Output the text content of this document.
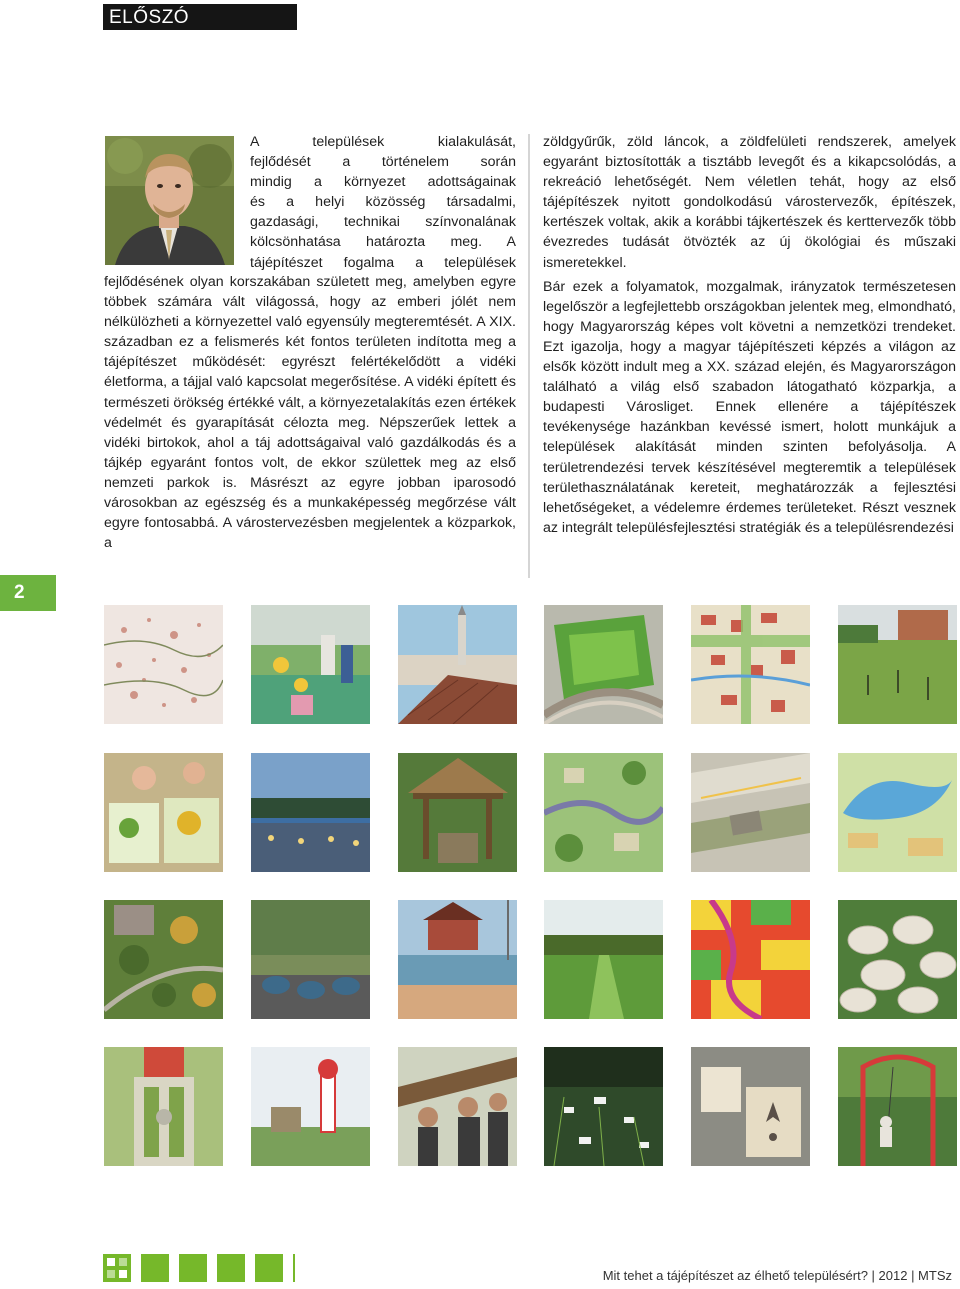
ELŐSZÓ
2
A települések kialakulását,
fejlődését a történelem során
mindig a környezet adottságainak
és a helyi közösség társadalmi,
gazdasági, technikai színvonalának
kölcsönhatása határozta meg. A
tájépítészet fogalma a települések
fejlődésének olyan korszakában született meg, amelyben egyre többek számára vált világossá, hogy az emberi jólét nem nélkülözheti a környezettel való egyensúly megteremtését. A XIX. században ez a felismerés két fontos területen indította meg a tájépítészet működését: egyrészt felértékelődött a vidéki életforma, a tájjal való kapcsolat megerősítése. A vidéki épített és természeti örökség értékké vált, a környezetalakítás ezen értékek védelmét és gyarapítását célozta meg. Népszerűek lettek a vidéki birtokok, ahol a táj adottságaival való gazdálkodás és a tájkép egyaránt fontos volt, de ekkor születtek meg az első nemzeti parkok is. Másrészt az egyre jobban iparosodó városokban az egészség és a munkaképesség megőrzése vált egyre fontosabbá. A várostervezésben megjelentek a közparkok, a

zöldgyűrűk, zöld láncok, a zöldfelületi rendszerek, amelyek egyaránt biztosították a tisztább levegőt és a kikapcsolódás, a rekreáció lehetőségét. Nem véletlen tehát, hogy az első tájépítészek nyitott gondolkodású várostervezők, építészek, kertészek voltak, akik a korábbi tájkertészek és kerttervezők több évezredes tudását ötvözték az új ökológiai és műszaki ismeretekkel.

Bár ezek a folyamatok, mozgalmak, irányzatok természetesen legelőször a legfejlettebb országokban jelentek meg, elmondható, hogy Magyarország képes volt követni a nemzetközi trendeket. Ezt igazolja, hogy a magyar tájépítészeti képzés a világon az elsők között indult meg a XX. század elején, és Magyarországon található a világ első szabadon látogatható közparkja, a budapesti Városliget. Ennek ellenére a tájépítészek tevékenysége hazánkban kevéssé ismert, holott munkájuk a települések alakítását minden szinten befolyásolja. A területrendezési tervek készítésével megteremtik a települések területhasználatának kereteit, meghatározzák a fejlesztési lehetőségeket, a védelemre érdemes területeket. Részt vesznek az integrált településfejlesztési stratégiák és a településrendezési

Mit tehet a tájépítészet az élhető településért? | 2012 | MTSz
